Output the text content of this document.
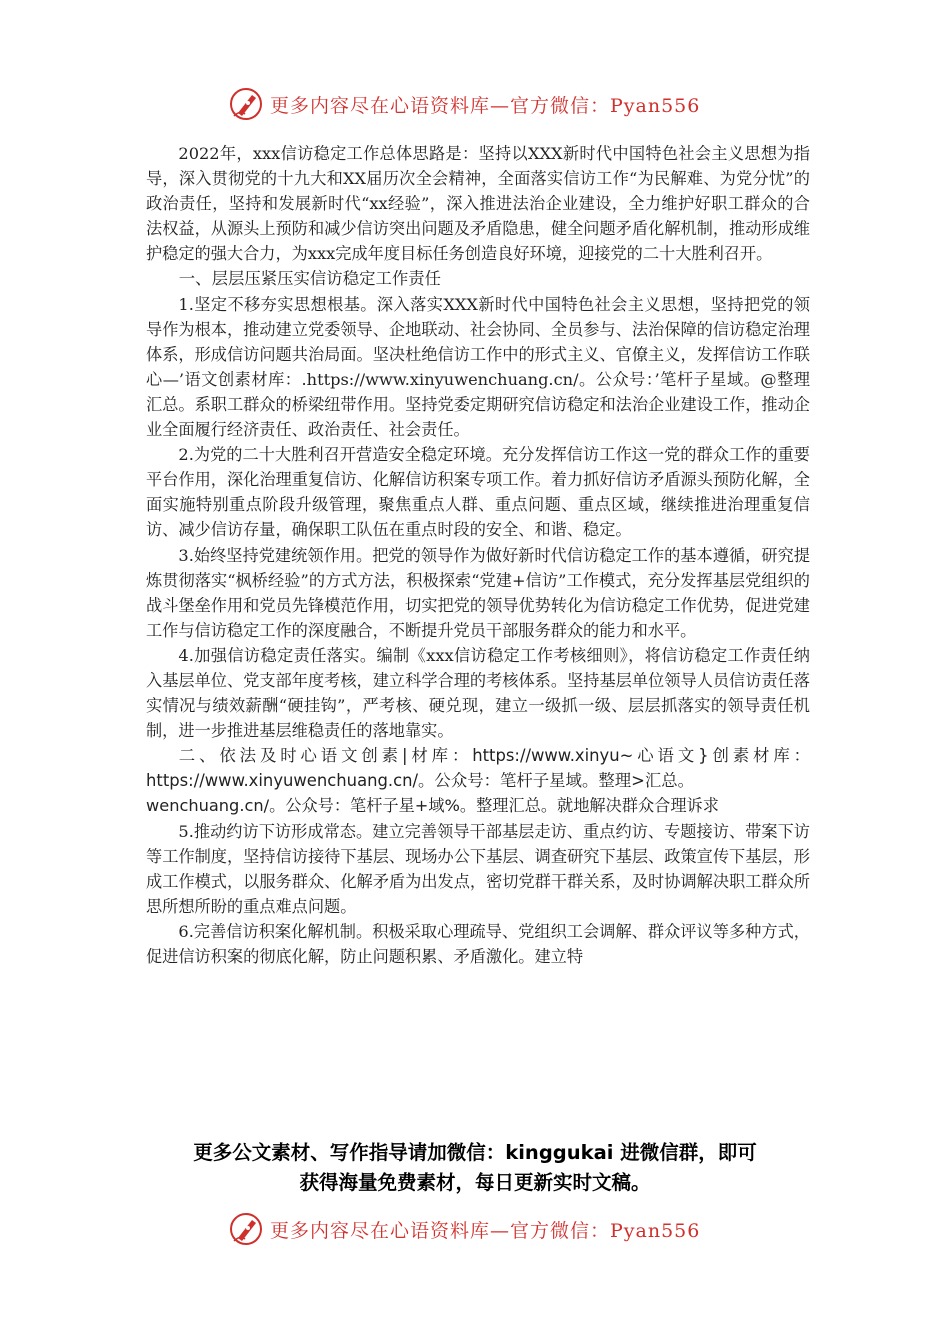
更多内容尽在心语资料库—官方微信：Pyan556

2022年，xxx信访稳定工作总体思路是：坚持以XXX新时代中国特色社会主义思想为指导，深入贯彻党的十九大和XX届历次全会精神，全面落实信访工作“为民解难、为党分忧”的政治责任，坚持和发展新时代“xx经验”，深入推进法治企业建设，全力维护好职工群众的合法权益，从源头上预防和减少信访突出问题及矛盾隐患，健全问题矛盾化解机制，推动形成维护稳定的强大合力，为xxx完成年度目标任务创造良好环境，迎接党的二十大胜利召开。

一、层层压紧压实信访稳定工作责任

1.坚定不移夯实思想根基。深入落实XXX新时代中国特色社会主义思想，坚持把党的领导作为根本，推动建立党委领导、企地联动、社会协同、全员参与、法治保障的信访稳定治理体系，形成信访问题共治局面。坚决杜绝信访工作中的形式主义、官僚主义，发挥信访工作联心—’语文创素材库：.https://www.xinyuwenchuang.cn/。公众号：’笔杆子星域。@整理汇总。系职工群众的桥梁纽带作用。坚持党委定期研究信访稳定和法治企业建设工作，推动企业全面履行经济责任、政治责任、社会责任。

2.为党的二十大胜利召开营造安全稳定环境。充分发挥信访工作这一党的群众工作的重要平台作用，深化治理重复信访、化解信访积案专项工作。着力抓好信访矛盾源头预防化解，全面实施特别重点阶段升级管理，聚焦重点人群、重点问题、重点区域，继续推进治理重复信访、减少信访存量，确保职工队伍在重点时段的安全、和谐、稳定。

3.始终坚持党建统领作用。把党的领导作为做好新时代信访稳定工作的基本遵循，研究提炼贯彻落实“枫桥经验”的方式方法，积极探索“党建+信访”工作模式，充分发挥基层党组织的战斗堡垒作用和党员先锋模范作用，切实把党的领导优势转化为信访稳定工作优势，促进党建工作与信访稳定工作的深度融合，不断提升党员干部服务群众的能力和水平。

4.加强信访稳定责任落实。编制《xxx信访稳定工作考核细则》，将信访稳定工作责任纳入基层单位、党支部年度考核，建立科学合理的考核体系。坚持基层单位领导人员信访责任落实情况与绩效薪酬“硬挂钩”，严考核、硬兑现，建立一级抓一级、层层抓落实的领导责任机制，进一步推进基层维稳责任的落地靠实。

二、依法及时心语文创素|材库：https://www.xinyu~心语文}创素材库：https://www.xinyuwenchuang.cn/。公众号：笔杆子星域。整理>汇总。

wenchuang.cn/。公众号：笔杆子星+域%。整理汇总。就地解决群众合理诉求

5.推动约访下访形成常态。建立完善领导干部基层走访、重点约访、专题接访、带案下访等工作制度，坚持信访接待下基层、现场办公下基层、调查研究下基层、政策宣传下基层，形成工作模式，以服务群众、化解矛盾为出发点，密切党群干群关系，及时协调解决职工群众所思所想所盼的重点难点问题。

6.完善信访积案化解机制。积极采取心理疏导、党组织工会调解、群众评议等多种方式，促进信访积案的彻底化解，防止问题积累、矛盾激化。建立特

更多公文素材、写作指导请加微信：kinggukai 进微信群，即可
获得海量免费素材，每日更新实时文稿。
更多内容尽在心语资料库—官方微信：Pyan556
